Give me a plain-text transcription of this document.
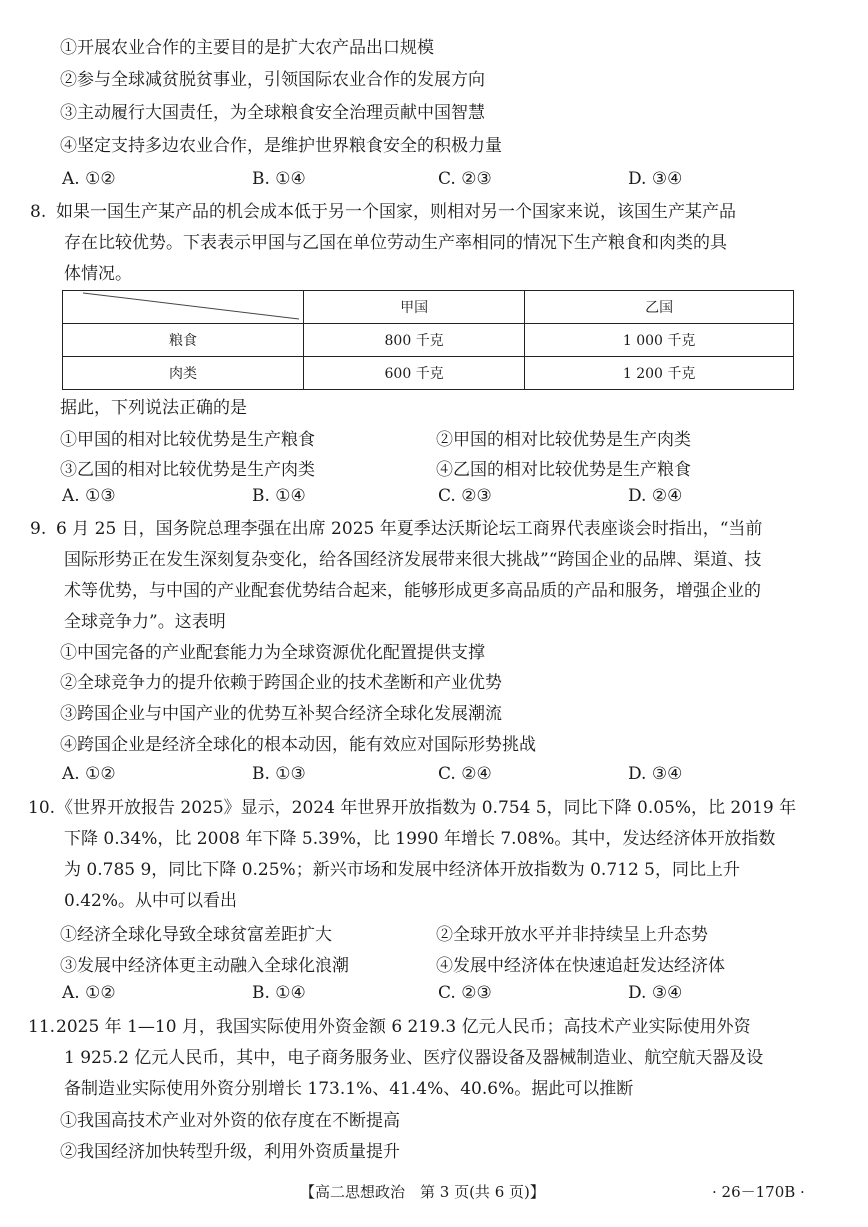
①开展农业合作的主要目的是扩大农产品出口规模
②参与全球减贫脱贫事业，引领国际农业合作的发展方向
③主动履行大国责任，为全球粮食安全治理贡献中国智慧
④坚定支持多边农业合作，是维护世界粮食安全的积极力量
A. ①②	B. ①④	C. ②③	D. ③④
8. 如果一国生产某产品的机会成本低于另一个国家，则相对另一个国家来说，该国生产某产品
存在比较优势。下表表示甲国与乙国在单位劳动生产率相同的情况下生产粮食和肉类的具
体情况。
	甲国	乙国
粮食	800 千克	1 000 千克
肉类	600 千克	1 200 千克
据此，下列说法正确的是
①甲国的相对比较优势是生产粮食	②甲国的相对比较优势是生产肉类
③乙国的相对比较优势是生产肉类	④乙国的相对比较优势是生产粮食
A. ①③	B. ①④	C. ②③	D. ②④
9. 6 月 25 日，国务院总理李强在出席 2025 年夏季达沃斯论坛工商界代表座谈会时指出，“当前
国际形势正在发生深刻复杂变化，给各国经济发展带来很大挑战”“跨国企业的品牌、渠道、技
术等优势，与中国的产业配套优势结合起来，能够形成更多高品质的产品和服务，增强企业的
全球竞争力”。这表明
①中国完备的产业配套能力为全球资源优化配置提供支撑
②全球竞争力的提升依赖于跨国企业的技术垄断和产业优势
③跨国企业与中国产业的优势互补契合经济全球化发展潮流
④跨国企业是经济全球化的根本动因，能有效应对国际形势挑战
A. ①②	B. ①③	C. ②④	D. ③④
10. 《世界开放报告 2025》显示，2024 年世界开放指数为 0.754 5，同比下降 0.05%，比 2019 年
下降 0.34%，比 2008 年下降 5.39%，比 1990 年增长 7.08%。其中，发达经济体开放指数
为 0.785 9，同比下降 0.25%；新兴市场和发展中经济体开放指数为 0.712 5，同比上升
0.42%。从中可以看出
①经济全球化导致全球贫富差距扩大	②全球开放水平并非持续呈上升态势
③发展中经济体更主动融入全球化浪潮	④发展中经济体在快速追赶发达经济体
A. ①②	B. ①④	C. ②③	D. ③④
11. 2025 年 1—10 月，我国实际使用外资金额 6 219.3 亿元人民币；高技术产业实际使用外资
1 925.2 亿元人民币，其中，电子商务服务业、医疗仪器设备及器械制造业、航空航天器及设
备制造业实际使用外资分别增长 173.1%、41.4%、40.6%。据此可以推断
①我国高技术产业对外资的依存度在不断提高
②我国经济加快转型升级，利用外资质量提升
【高二思想政治　第 3 页(共 6 页)】	· 26－170B ·
